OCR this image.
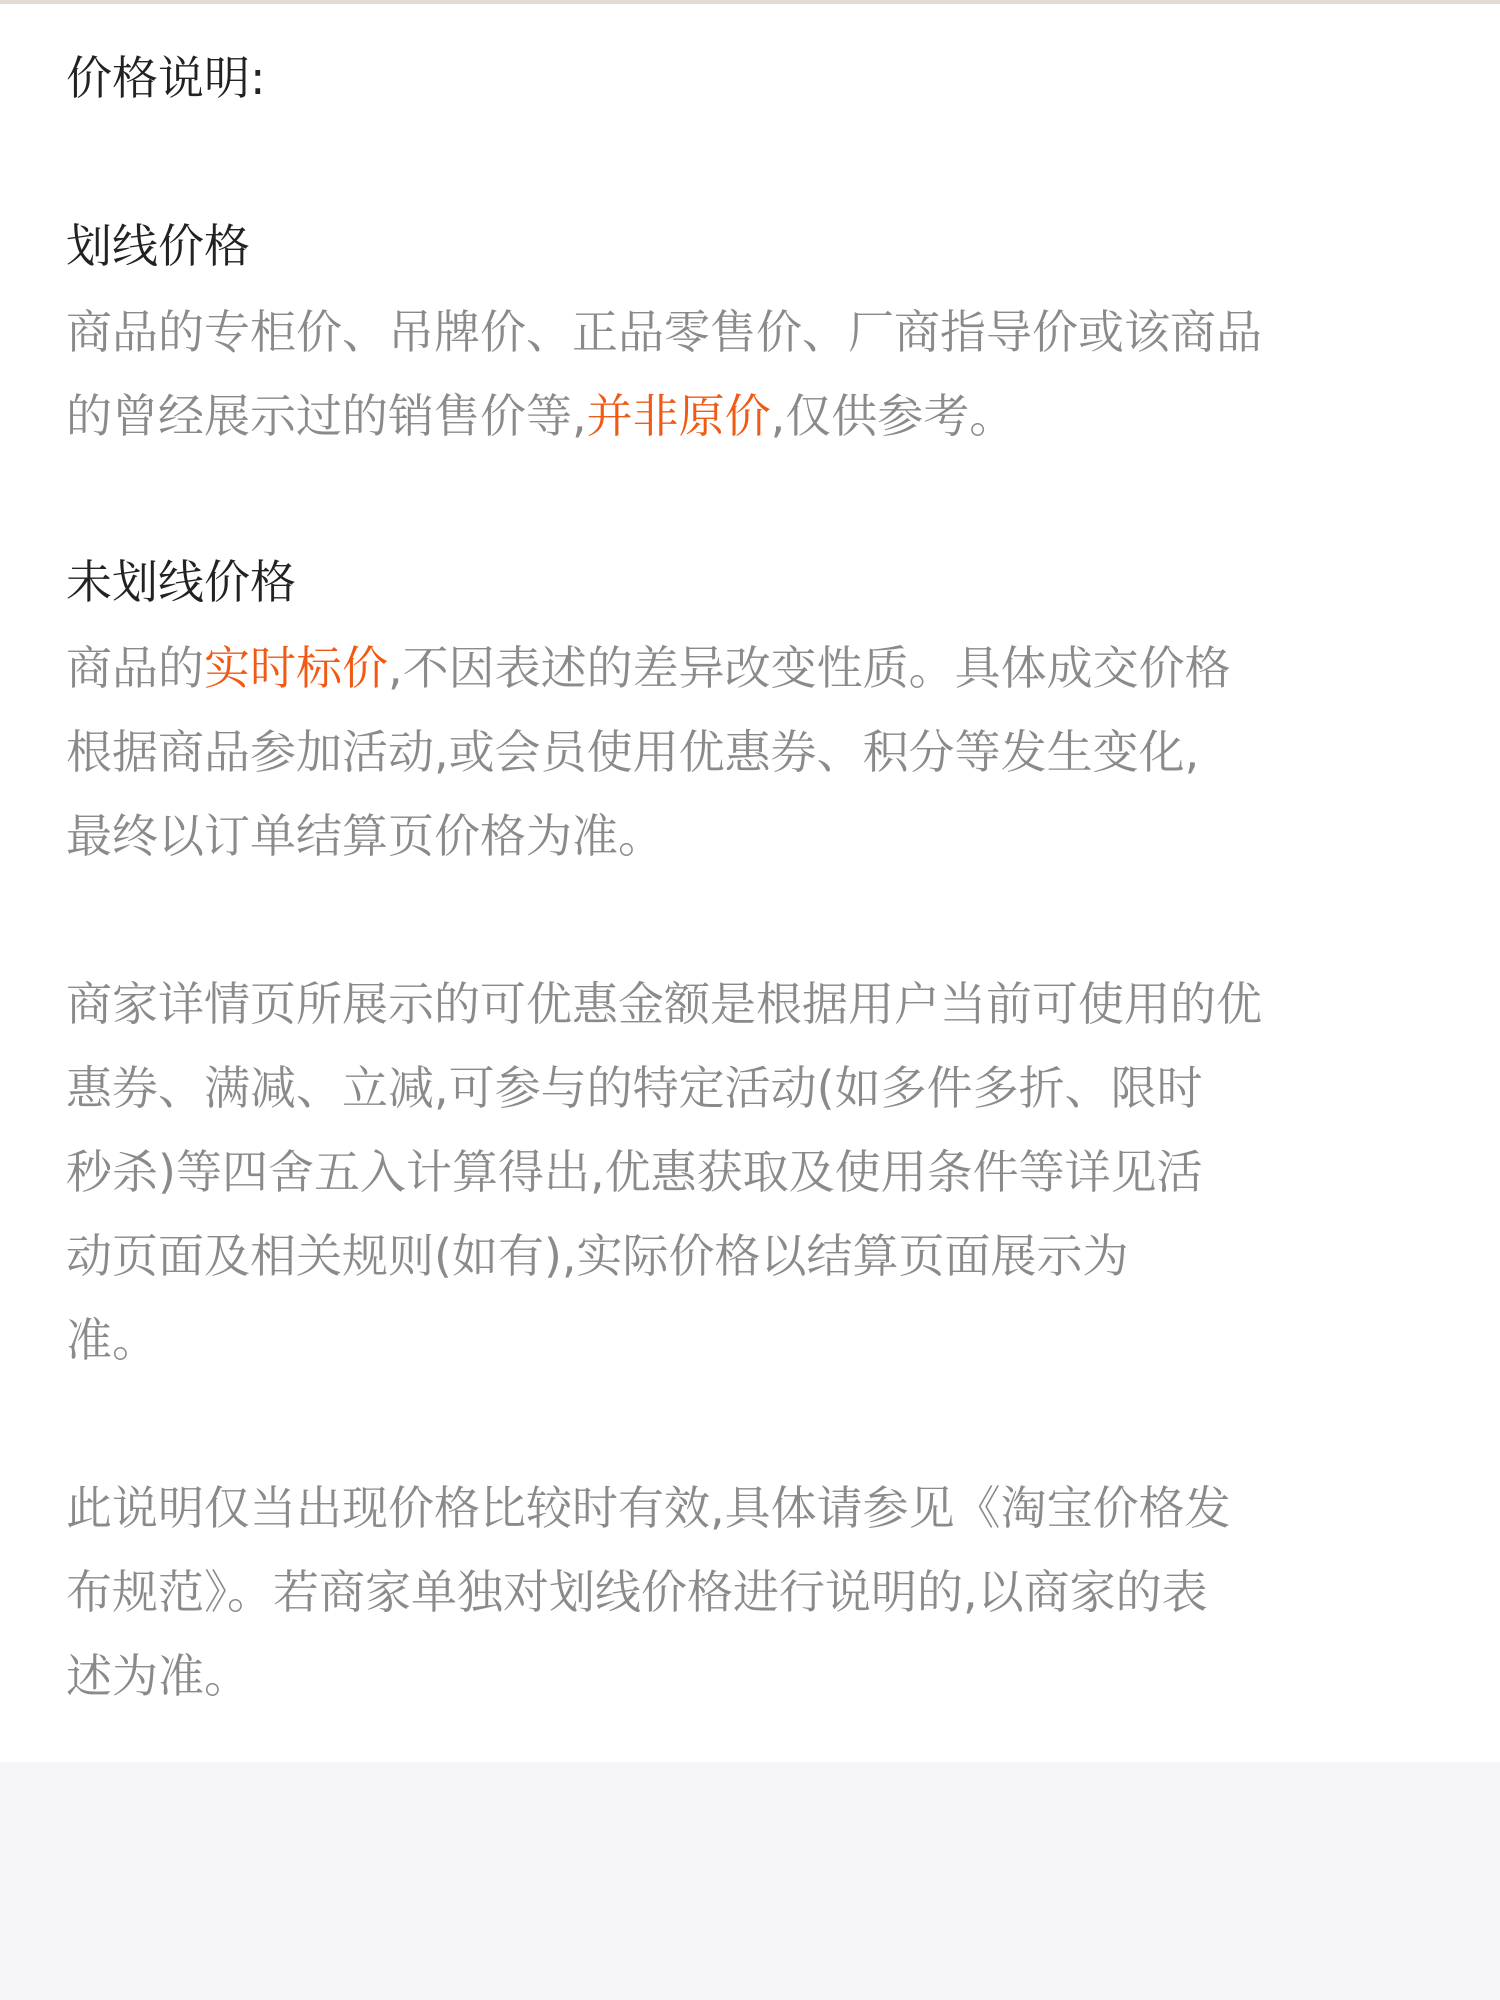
价格说明:
划线价格
商品的专柜价、吊牌价、正品零售价、厂商指导价或该商品
的曾经展示过的销售价等,并非原价,仅供参考。
未划线价格
商品的实时标价,不因表述的差异改变性质。具体成交价格
根据商品参加活动,或会员使用优惠券、积分等发生变化,
最终以订单结算页价格为准。
商家详情页所展示的可优惠金额是根据用户当前可使用的优
惠券、满减、立减,可参与的特定活动(如多件多折、限时
秒杀)等四舍五入计算得出,优惠获取及使用条件等详见活
动页面及相关规则(如有),实际价格以结算页面展示为
准。
此说明仅当出现价格比较时有效,具体请参见《淘宝价格发
布规范》。若商家单独对划线价格进行说明的,以商家的表
述为准。
